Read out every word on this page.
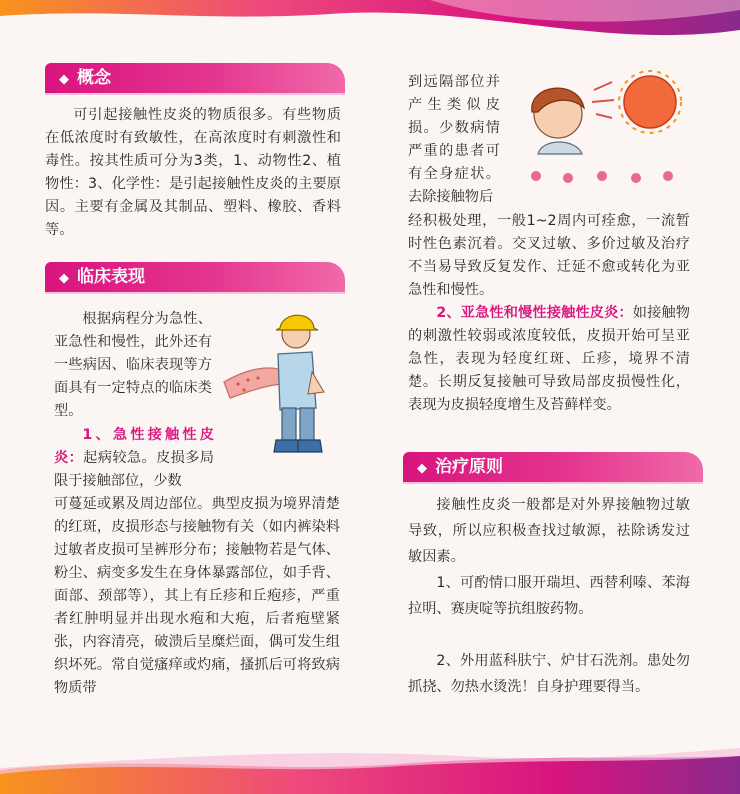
◆ 概念

可引起接触性皮炎的物质很多。有些物质在低浓度时有致敏性，在高浓度时有刺激性和毒性。按其性质可分为3类，1、动物性2、植物性：3、化学性：是引起接触性皮炎的主要原因。主要有金属及其制品、塑料、橡胶、香料等。

◆ 临床表现

根据病程分为急性、亚急性和慢性，此外还有一些病因、临床表现等方面具有一定特点的临床类型。

1、急性接触性皮炎：起病较急。皮损多局限于接触部位，少数

可蔓延或累及周边部位。典型皮损为境界清楚的红斑，皮损形态与接触物有关（如内裤染料过敏者皮损可呈裤形分布；接触物若是气体、粉尘、病变多发生在身体暴露部位，如手背、面部、颈部等），其上有丘疹和丘疱疹，严重者红肿明显并出现水疱和大疱，后者疱壁紧张，内容清亮，破溃后呈糜烂面，偶可发生组织坏死。常自觉瘙痒或灼痛，搔抓后可将致病物质带

到远隔部位并产生类似皮损。少数病情严重的患者可有全身症状。去除接触物后

经积极处理，一般1~2周内可痊愈，一流暂时性色素沉着。交叉过敏、多价过敏及治疗不当易导致反复发作、迁延不愈或转化为亚急性和慢性。

2、亚急性和慢性接触性皮炎：如接触物的刺激性较弱或浓度较低，皮损开始可呈亚急性，表现为轻度红斑、丘疹，境界不清楚。长期反复接触可导致局部皮损慢性化，表现为皮损轻度增生及苔藓样变。

◆ 治疗原则

接触性皮炎一般都是对外界接触物过敏导致，所以应积极查找过敏源，祛除诱发过敏因素。

1、可酌情口服开瑞坦、西替利嗪、苯海拉明、赛庚啶等抗组胺药物。

2、外用蓝科肤宁、炉甘石洗剂。患处勿抓挠、勿热水烫洗！自身护理要得当。
